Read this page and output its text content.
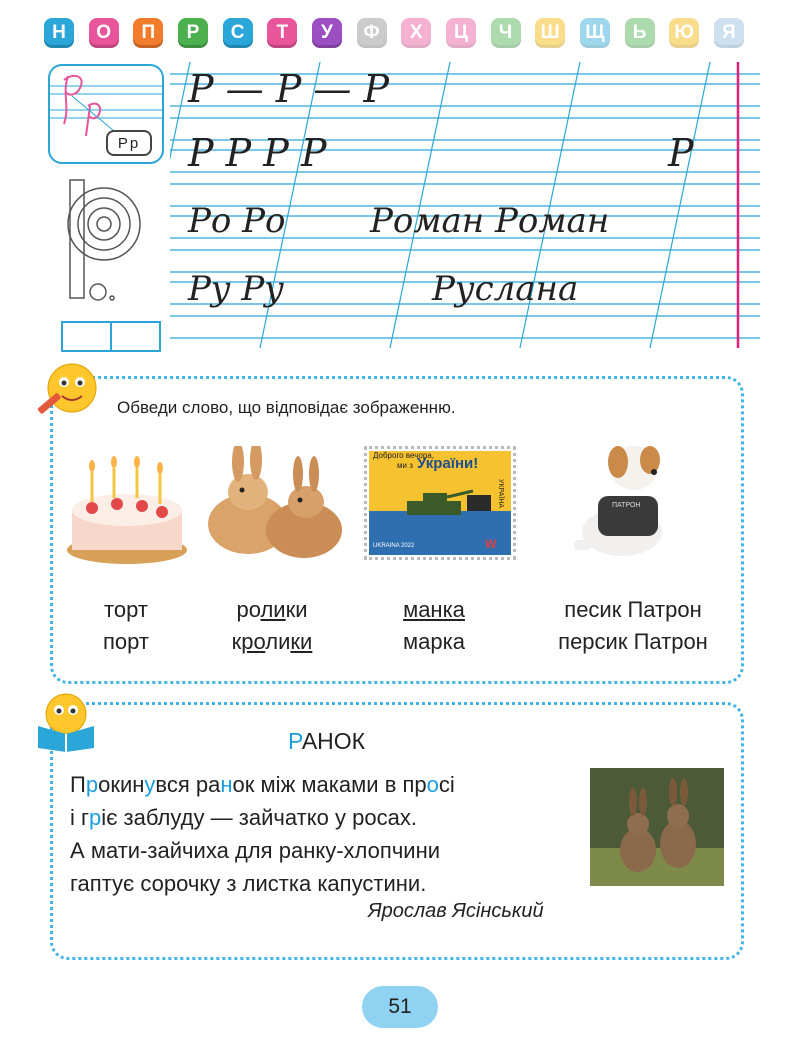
Н	О	П	Р	С	Т	У	Ф	Х	Ц	Ч	Ш Щ	Ь	Ю	Я
Рр
Р — Р — Р
Р Р Р Р	Р
Ро Ро Роман Роман
Ру Ру	Руслана
Обведи слово, що відповідає зображенню.
Доброго вечора,
ми з України!
УКРАЇНА
UKRAINA 2022	W
ПАТРОН
торт
порт
ролики
кролики
манка
марка
песик Патрон
персик Патрон
РАНОК
Прокинувся ранок між маками в просі
і гріє заблуду — зайчатко у росах.
А мати-зайчиха для ранку-хлопчини
гаптує сорочку з листка капустини.
Ярослав Ясінський
51
